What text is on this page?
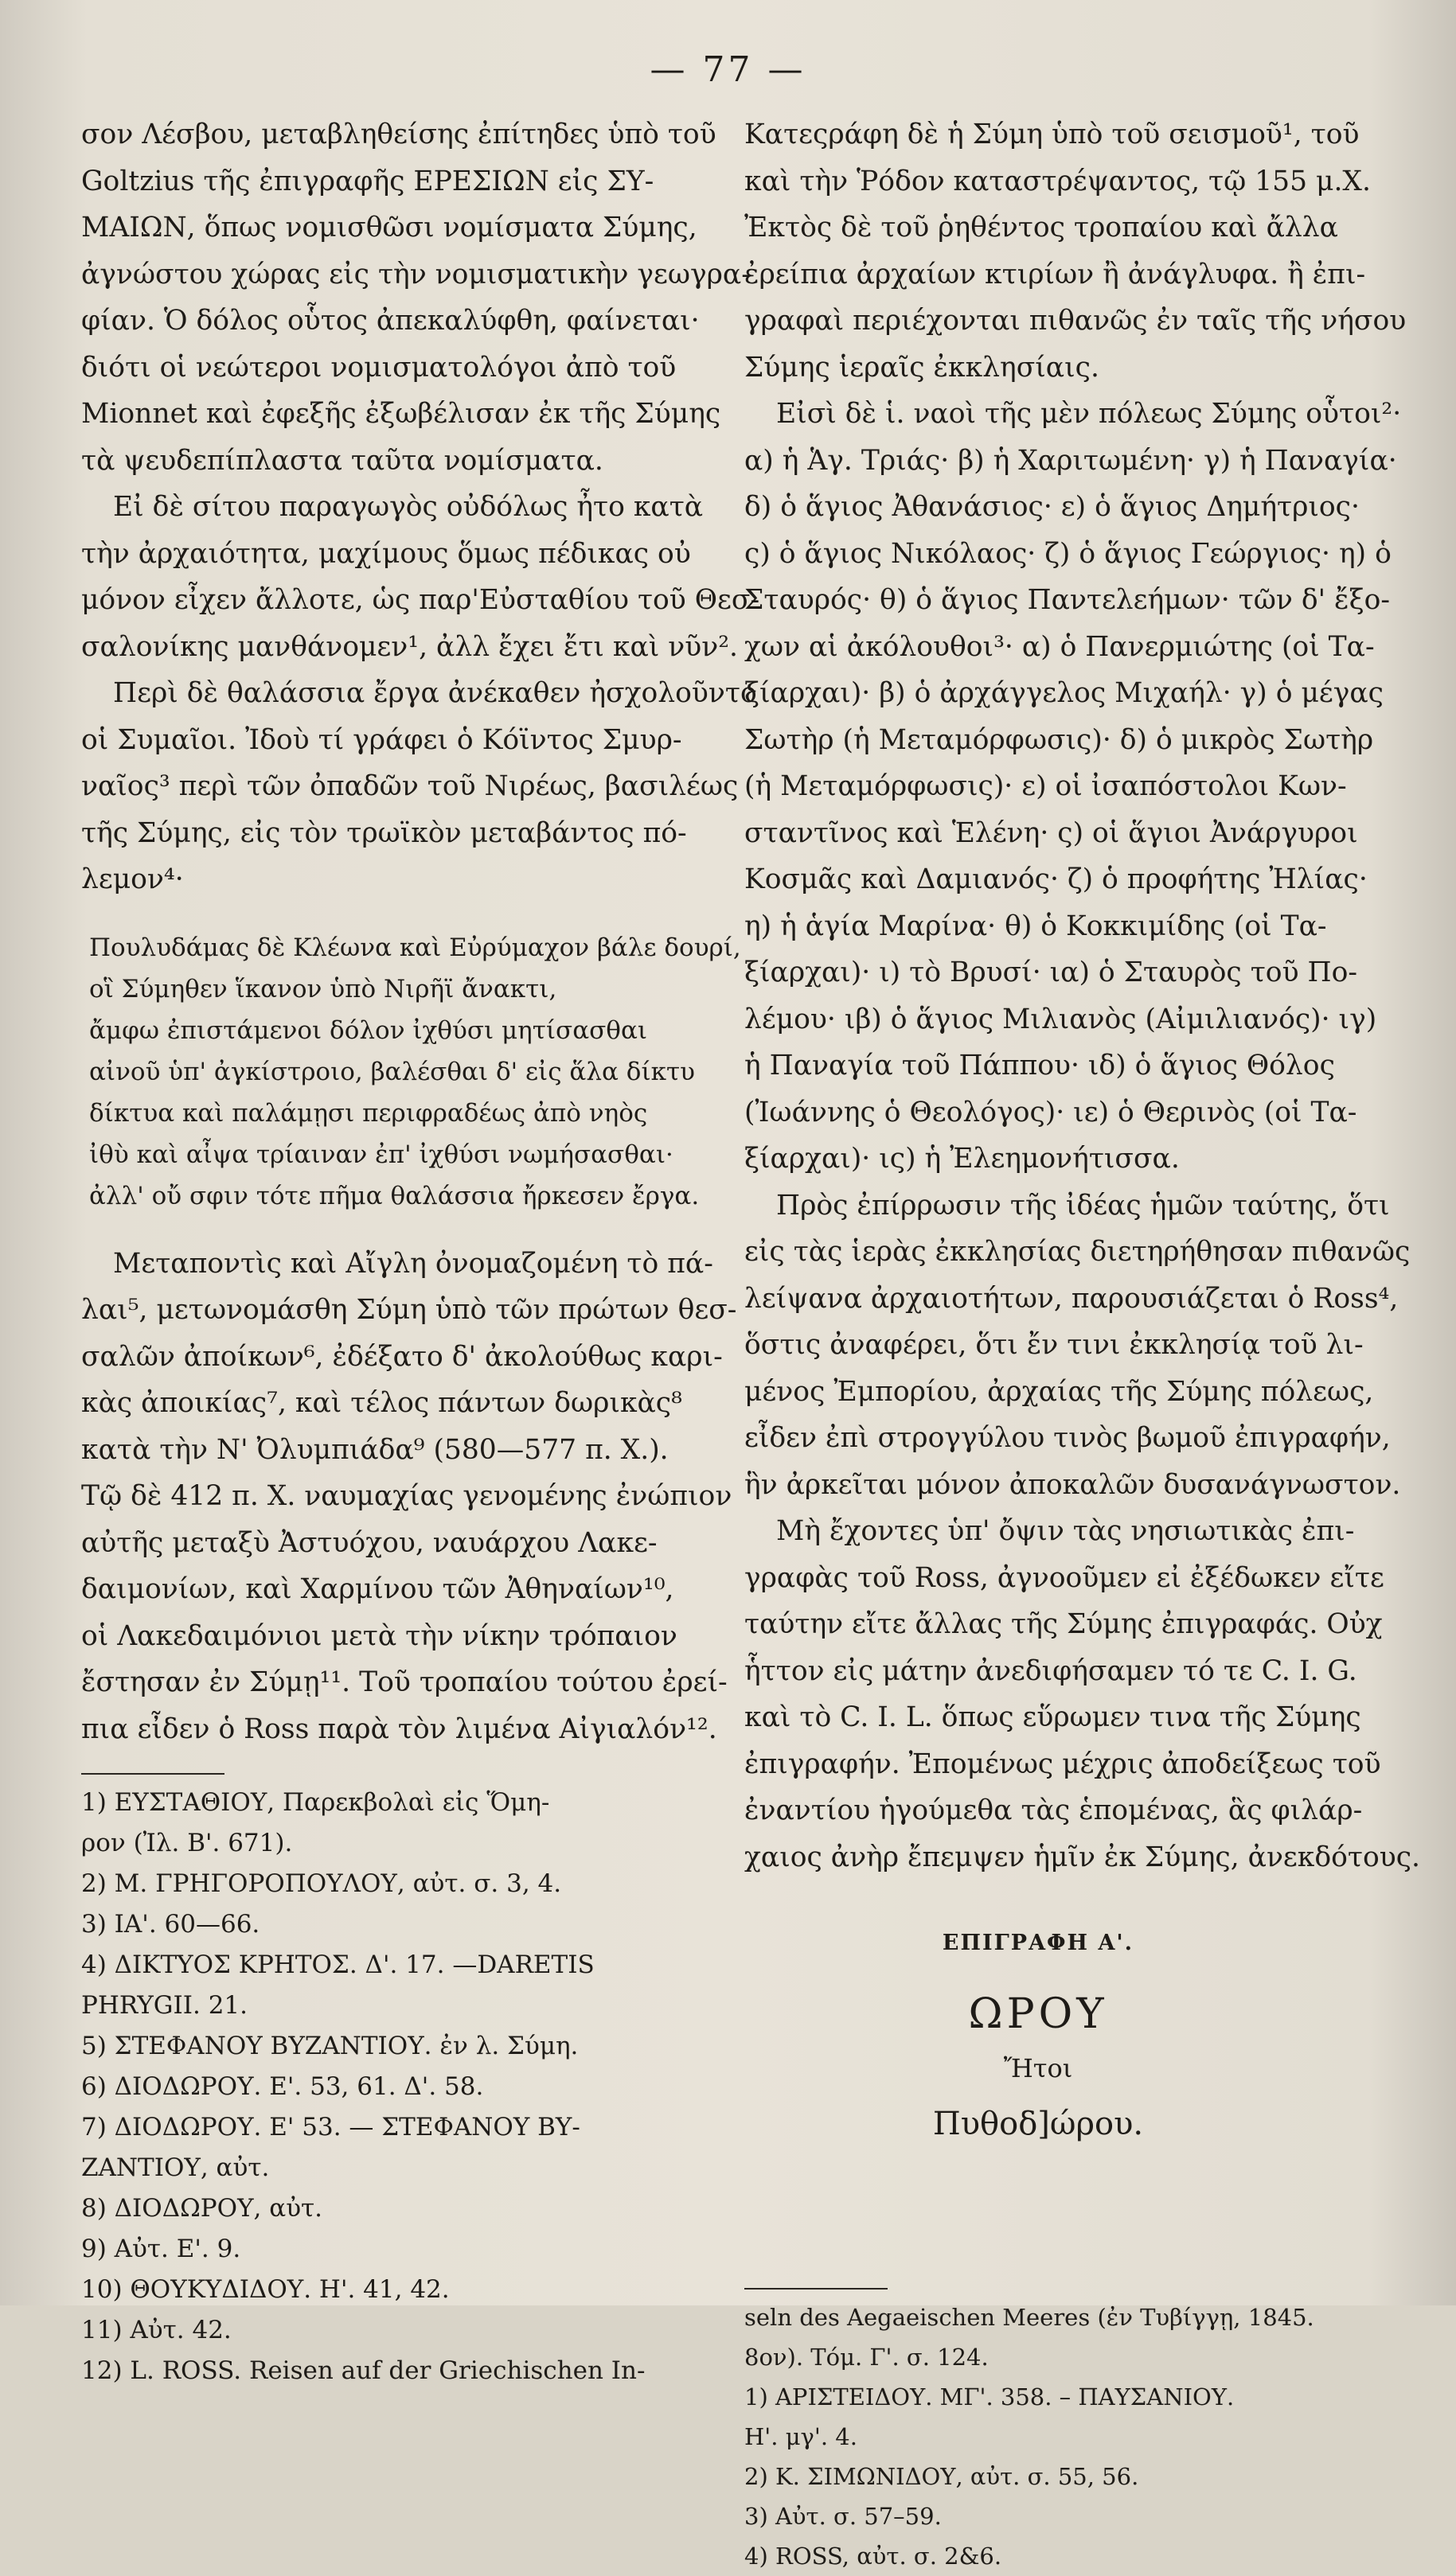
— 77 —
σον Λέσβου, μεταβληθείσης ἐπίτηδες ὑπὸ τοῦ
Goltzius τῆς ἐπιγραφῆς ΕΡΕΣΙΩΝ εἰς ΣΥ-
ΜΑΙΩΝ, ὅπως νομισθῶσι νομίσματα Σύμης,
ἀγνώστου χώρας εἰς τὴν νομισματικὴν γεωγρα-
φίαν. Ὁ δόλος οὗτος ἀπεκαλύφθη, φαίνεται·
διότι οἱ νεώτεροι νομισματολόγοι ἀπὸ τοῦ
Mionnet καὶ ἐφεξῆς ἐξωβέλισαν ἐκ τῆς Σύμης
τὰ ψευδεπίπλαστα ταῦτα νομίσματα.
Εἰ δὲ σίτου παραγωγὸς οὐδόλως ἦτο κατὰ
τὴν ἀρχαιότητα, μαχίμους ὅμως πέδικας οὐ
μόνον εἶχεν ἄλλοτε, ὡς παρ'Εὐσταθίου τοῦ Θεσ-
σαλονίκης μανθάνομεν¹, ἀλλ ἔχει ἔτι καὶ νῦν².
Περὶ δὲ θαλάσσια ἔργα ἀνέκαθεν ἠσχολοῦντο
οἱ Συμαῖοι. Ἰδοὺ τί γράφει ὁ Κόϊντος Σμυρ-
ναῖος³ περὶ τῶν ὀπαδῶν τοῦ Νιρέως, βασιλέως
τῆς Σύμης, εἰς τὸν τρωϊκὸν μεταβάντος πό-
λεμον⁴·
Πουλυδάμας δὲ Κλέωνα καὶ Εὐρύμαχον βάλε δουρί,
οἳ Σύμηθεν ἵκανον ὑπὸ Νιρῆϊ ἄνακτι,
ἄμφω ἐπιστάμενοι δόλον ἰχθύσι μητίσασθαι
αἰνοῦ ὑπ' ἀγκίστροιο, βαλέσθαι δ' εἰς ἅλα δίκτυ
δίκτυα καὶ παλάμῃσι περιφραδέως ἀπὸ νηὸς
ἰθὺ καὶ αἶψα τρίαιναν ἐπ' ἰχθύσι νωμήσασθαι·
ἀλλ' οὔ σφιν τότε πῆμα θαλάσσια ἤρκεσεν ἔργα.
Μεταποντὶς καὶ Αἴγλη ὀνομαζομένη τὸ πά-
λαι⁵, μετωνομάσθη Σύμη ὑπὸ τῶν πρώτων θεσ-
σαλῶν ἀποίκων⁶, ἐδέξατο δ' ἀκολούθως καρι-
κὰς ἀποικίας⁷, καὶ τέλος πάντων δωρικὰς⁸
κατὰ τὴν Ν' Ὀλυμπιάδα⁹ (580—577 π. Χ.).
Τῷ δὲ 412 π. Χ. ναυμαχίας γενομένης ἐνώπιον
αὐτῆς μεταξὺ Ἀστυόχου, ναυάρχου Λακε-
δαιμονίων, καὶ Χαρμίνου τῶν Ἀθηναίων¹⁰,
οἱ Λακεδαιμόνιοι μετὰ τὴν νίκην τρόπαιον
ἔστησαν ἐν Σύμῃ¹¹. Τοῦ τροπαίου τούτου ἐρεί-
πια εἶδεν ὁ Ross παρὰ τὸν λιμένα Αἰγιαλόν¹².
1) ΕΥΣΤΑΘΙΟΥ, Παρεκβολαὶ εἰς Ὅμη-
ρον (Ἰλ. Β'. 671).
2) Μ. ΓΡΗΓΟΡΟΠΟΥΛΟΥ, αὐτ. σ. 3, 4.
3) ΙΑ'. 60—66.
4) ΔΙΚΤΥΟΣ ΚΡΗΤΟΣ. Δ'. 17. —DARETIS
PHRYGII. 21.
5) ΣΤΕΦΑΝΟΥ ΒΥΖΑΝΤΙΟΥ. ἐν λ. Σύμη.
6) ΔΙΟΔΩΡΟΥ. Ε'. 53, 61. Δ'. 58.
7) ΔΙΟΔΩΡΟΥ. Ε' 53. — ΣΤΕΦΑΝΟΥ ΒΥ-
ΖΑΝΤΙΟΥ, αὐτ.
8) ΔΙΟΔΩΡΟΥ, αὐτ.
9) Αὐτ. Ε'. 9.
10) ΘΟΥΚΥΔΙΔΟΥ. Η'. 41, 42.
11) Αὐτ. 42.
12) L. ROSS. Reisen auf der Griechischen In-
Κατεςράφη δὲ ἡ Σύμη ὑπὸ τοῦ σεισμοῦ¹, τοῦ
καὶ τὴν Ῥόδον καταστρέψαντος, τῷ 155 μ.Χ.
Ἐκτὸς δὲ τοῦ ῥηθέντος τροπαίου καὶ ἄλλα
ἐρείπια ἀρχαίων κτιρίων ἢ ἀνάγλυφα. ἢ ἐπι-
γραφαὶ περιέχονται πιθανῶς ἐν ταῖς τῆς νήσου
Σύμης ἱεραῖς ἐκκλησίαις.
Εἰσὶ δὲ ἱ. ναοὶ τῆς μὲν πόλεως Σύμης οὗτοι²·
α) ἡ Ἁγ. Τριάς· β) ἡ Χαριτωμένη· γ) ἡ Παναγία·
δ) ὁ ἅγιος Ἀθανάσιος· ε) ὁ ἅγιος Δημήτριος·
ς) ὁ ἅγιος Νικόλαος· ζ) ὁ ἅγιος Γεώργιος· η) ὁ
Σταυρός· θ) ὁ ἅγιος Παντελεήμων· τῶν δ' ἔξο-
χων αἱ ἀκόλουθοι³· α) ὁ Πανερμιώτης (οἱ Τα-
ξίαρχαι)· β) ὁ ἀρχάγγελος Μιχαήλ· γ) ὁ μέγας
Σωτὴρ (ἡ Μεταμόρφωσις)· δ) ὁ μικρὸς Σωτὴρ
(ἡ Μεταμόρφωσις)· ε) οἱ ἰσαπόστολοι Κων-
σταντῖνος καὶ Ἑλένη· ς) οἱ ἅγιοι Ἀνάργυροι
Κοσμᾶς καὶ Δαμιανός· ζ) ὁ προφήτης Ἠλίας·
η) ἡ ἁγία Μαρίνα· θ) ὁ Κοκκιμίδης (οἱ Τα-
ξίαρχαι)· ι) τὸ Βρυσί· ια) ὁ Σταυρὸς τοῦ Πο-
λέμου· ιβ) ὁ ἅγιος Μιλιανὸς (Αἰμιλιανός)· ιγ)
ἡ Παναγία τοῦ Πάππου· ιδ) ὁ ἅγιος Θόλος
(Ἰωάννης ὁ Θεολόγος)· ιε) ὁ Θερινὸς (οἱ Τα-
ξίαρχαι)· ις) ἡ Ἐλεημονήτισσα.
Πρὸς ἐπίρρωσιν τῆς ἰδέας ἡμῶν ταύτης, ὅτι
εἰς τὰς ἱερὰς ἐκκλησίας διετηρήθησαν πιθανῶς
λείψανα ἀρχαιοτήτων, παρουσιάζεται ὁ Ross⁴,
ὅστις ἀναφέρει, ὅτι ἔν τινι ἐκκλησίᾳ τοῦ λι-
μένος Ἐμπορίου, ἀρχαίας τῆς Σύμης πόλεως,
εἶδεν ἐπὶ στρογγύλου τινὸς βωμοῦ ἐπιγραφήν,
ἣν ἀρκεῖται μόνον ἀποκαλῶν δυσανάγνωστον.
Μὴ ἔχοντες ὑπ' ὄψιν τὰς νησιωτικὰς ἐπι-
γραφὰς τοῦ Ross, ἀγνοοῦμεν εἰ ἐξέδωκεν εἴτε
ταύτην εἴτε ἄλλας τῆς Σύμης ἐπιγραφάς. Οὐχ
ἧττον εἰς μάτην ἀνεδιφήσαμεν τό τε C. I. G.
καὶ τὸ C. I. L. ὅπως εὕρωμεν τινα τῆς Σύμης
ἐπιγραφήν. Ἐπομένως μέχρις ἀποδείξεως τοῦ
ἐναντίου ἡγούμεθα τὰς ἑπομένας, ἃς φιλάρ-
χαιος ἀνὴρ ἔπεμψεν ἡμῖν ἐκ Σύμης, ἀνεκδότους.
ΕΠΙΓΡΑΦΗ Α'.
ΩΡΟΥ
Ἤτοι
Πυθοδ]ώρου.
seln des Aegaeischen Meeres (ἐν Τυβίγγῃ, 1845.
8ον). Τόμ. Γ'. σ. 124.
1) ΑΡΙΣΤΕΙΔΟΥ. ΜΓ'. 358. – ΠΑΥΣΑΝΙΟΥ.
Η'. μγ'. 4.
2) Κ. ΣΙΜΩΝΙΔΟΥ, αὐτ. σ. 55, 56.
3) Αὐτ. σ. 57–59.
4) ROSS, αὐτ. σ. 2&6.
